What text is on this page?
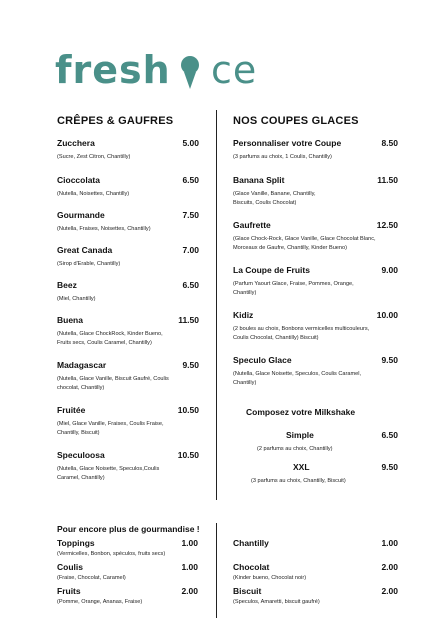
fresh ce
CRÊPES & GAUFRES	NOS COUPES GLACES
Zucchera	5.00
(Sucre, Zest Citron, Chantilly)
Cioccolata	6.50
(Nutella, Noisettes, Chantilly)
Gourmande	7.50
(Nutella, Fraises, Noisettes, Chantilly)
Great Canada	7.00
(Sirop d'Erable, Chantilly)
Beez	6.50
(Miel, Chantilly)
Buena	11.50
(Nutella, Glace ChockRock, Kinder Bueno, Fruits secs, Coulis Caramel, Chantilly)
Madagascar	9.50
(Nutella, Glace Vanille, Biscuit Gaufré, Coulis chocolat, Chantilly)
Fruitée	10.50
(Miel, Glace Vanille, Fraises, Coulis Fraise, Chantilly, Biscuit)
Speculoosa	10.50
(Nutella, Glace Noisette, Speculos,Coulis Caramel, Chantilly)
Personnaliser votre Coupe	8.50
(3 parfums au choix, 1 Coulis, Chantilly)
Banana Split	11.50
(Glace Vanille, Banane, Chantilly, Biscuits, Coulis Chocolat)
Gaufrette	12.50
(Glace Chock-Rock, Glace Vanille, Glace Chocolat Blanc, Morceaux de Gaufre, Chantilly, Kinder Bueno)
La Coupe de Fruits	9.00
(Parfum Yaourt Glace, Fraise, Pommes, Orange, Chantilly)
Kidiz	10.00
(2 boules au choix, Bonbons vermicelles multicouleurs, Coulis Chocolat, Chantilly) Biscuit)
Speculo Glace	9.50
(Nutella, Glace Noisette, Speculos, Coulis Caramel, Chantilly)
Composez votre Milkshake
Simple	6.50
(2 parfums au choix, Chantilly)
XXL	9.50
(3 parfums au choix, Chantilly, Biscuit)
Pour encore plus de gourmandise !
Toppings	1.00
(Vermicelles, Bonbon, spéculos, fruits secs)
Coulis	1.00
(Fraise, Chocolat, Caramel)
Fruits	2.00
(Pomme, Orange, Ananas, Fraise)
Chantilly	1.00
Chocolat	2.00
(Kinder bueno, Chocolat noir)
Biscuit	2.00
(Speculos, Amaretti, biscuit gaufré)
